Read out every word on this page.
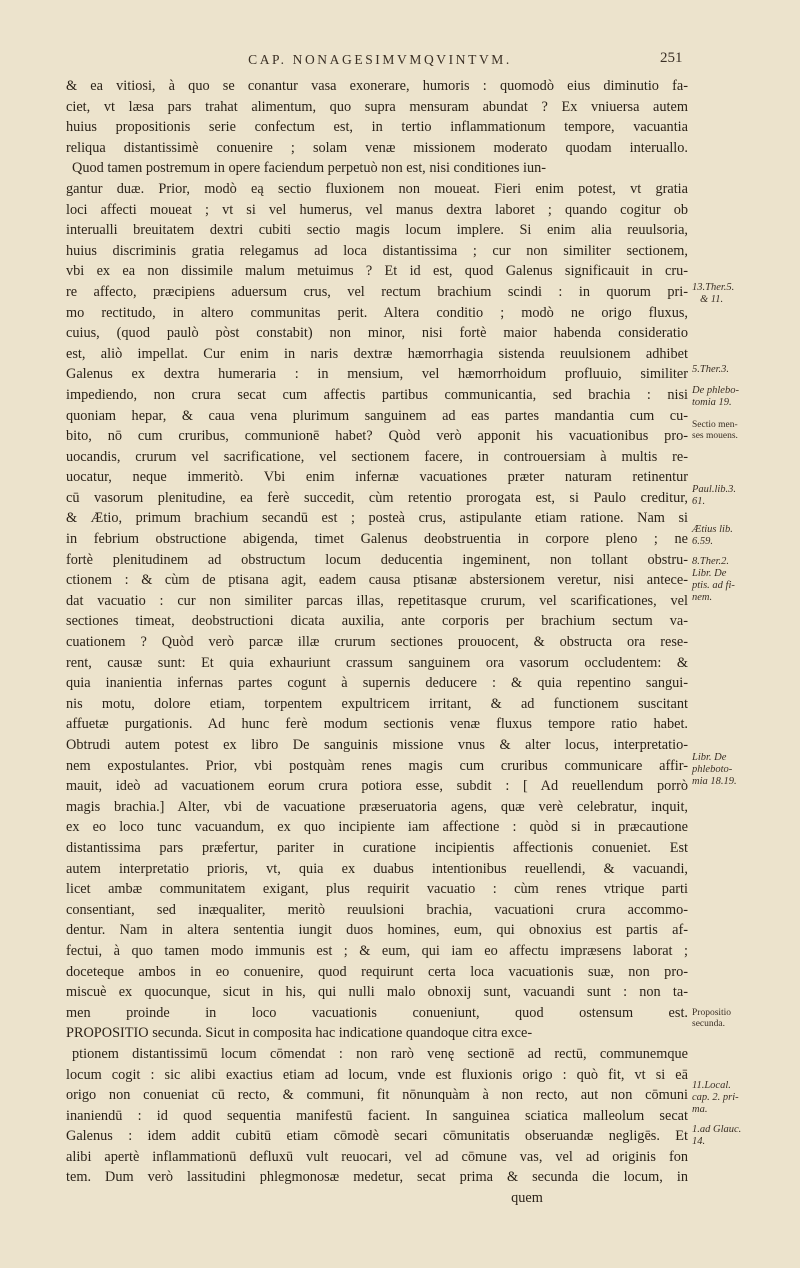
CAP. NONAGESIMVMQVINTVM.	251
& ea vitiosi, à quo se conantur vasa exonerare, humoris : quomodò eius diminutio fa-
ciet, vt læsa pars trahat alimentum, quo supra mensuram abundat ? Ex vniuersa autem
huius propositionis serie confectum est, in tertio inflammationum tempore, vacuantia
reliqua distantissimè conuenire ; solam venæ missionem moderato quodam interuallo.
Quod tamen postremum in opere faciendum perpetuò non est, nisi conditiones iun-
gantur duæ. Prior, modò eą sectio fluxionem non moueat. Fieri enim potest, vt gratia
loci affecti moueat ; vt si vel humerus, vel manus dextra laboret ; quando cogitur ob
interualli breuitatem dextri cubiti sectio magis locum implere. Si enim alia reuulsoria,
huius discriminis gratia relegamus ad loca distantissima ; cur non similiter sectionem,
vbi ex ea non dissimile malum metuimus ? Et id est, quod Galenus significauit in cru-
re affecto, præcipiens aduersum crus, vel rectum brachium scindi : in quorum pri-
mo rectitudo, in altero communitas perit. Altera conditio ; modò ne origo fluxus,
cuius, (quod paulò pòst constabit) non minor, nisi fortè maior habenda consideratio
est, aliò impellat. Cur enim in naris dextræ hæmorrhagia sistenda reuulsionem adhibet
Galenus ex dextra humeraria : in mensium, vel hæmorrhoidum profluuio, similiter
impediendo, non crura secat cum affectis partibus communicantia, sed brachia : nisi
quoniam hepar, & caua vena plurimum sanguinem ad eas partes mandantia cum cu-
bito, nō cum cruribus, communionē habet? Quòd verò apponit his vacuationibus pro-
uocandis, crurum vel sacrificatione, vel sectionem facere, in controuersiam à multis re-
uocatur, neque immeritò. Vbi enim infernæ vacuationes præter naturam retinentur
cū vasorum plenitudine, ea ferè succedit, cùm retentio prorogata est, si Paulo creditur,
& Ætio, primum brachium secandū est ; posteà crus, astipulante etiam ratione. Nam si
in febrium obstructione abigenda, timet Galenus deobstruentia in corpore pleno ; ne
fortè plenitudinem ad obstructum locum deducentia ingeminent, non tollant obstru-
ctionem : & cùm de ptisana agit, eadem causa ptisanæ abstersionem veretur, nisi antece-
dat vacuatio : cur non similiter parcas illas, repetitasque crurum, vel scarificationes, vel
sectiones timeat, deobstructioni dicata auxilia, ante corporis per brachium sectum va-
cuationem ? Quòd verò parcæ illæ crurum sectiones prouocent, & obstructa ora rese-
rent, causæ sunt: Et quia exhauriunt crassum sanguinem ora vasorum occludentem: &
quia inanientia infernas partes cogunt à supernis deducere : & quia repentino sangui-
nis motu, dolore etiam, torpentem expultricem irritant, & ad functionem suscitant
affuetæ purgationis. Ad hunc ferè modum sectionis venæ fluxus tempore ratio habet.
Obtrudi autem potest ex libro De sanguinis missione vnus & alter locus, interpretatio-
nem expostulantes. Prior, vbi postquàm renes magis cum cruribus communicare affir-
mauit, ideò ad vacuationem eorum crura potiora esse, subdit : [ Ad reuellendum porrò
magis brachia.] Alter, vbi de vacuatione præseruatoria agens, quæ verè celebratur, inquit,
ex eo loco tunc vacuandum, ex quo incipiente iam affectione : quòd si in præcautione
distantissima pars præfertur, pariter in curatione incipientis affectionis conueniet. Est
autem interpretatio prioris, vt, quia ex duabus intentionibus reuellendi, & vacuandi,
licet ambæ communitatem exigant, plus requirit vacuatio : cùm renes vtrique parti
consentiant, sed inæqualiter, meritò reuulsioni brachia, vacuationi crura accommo-
dentur. Nam in altera sententia iungit duos homines, eum, qui obnoxius est partis af-
fectui, à quo tamen modo immunis est ; & eum, qui iam eo affectu impræsens laborat ;
doceteque ambos in eo conuenire, quod requirunt certa loca vacuationis suæ, non pro-
miscuè ex quocunque, sicut in his, qui nulli malo obnoxij sunt, vacuandi sunt : non ta-
men proinde in loco vacuationis conueniunt, quod ostensum est.
PROPOSITIO secunda. Sicut in composita hac indicatione quandoque citra exce-
ptionem distantissimū locum cōmendat : non rarò venę sectionē ad rectū, communemque
locum cogit : sic alibi exactius etiam ad locum, vnde est fluxionis origo : quò fit, vt si eā
origo non conueniat cū recto, & communi, fit nōnunquàm à non recto, aut non cōmuni
inaniendū : id quod sequentia manifestū facient. In sanguinea sciatica malleolum secat
Galenus : idem addit cubitū etiam cōmodè secari cōmunitatis obseruandæ negligēs. Et
alibi apertè inflammationū defluxū vult reuocari, vel ad cōmune vas, vel ad originis fon
tem. Dum verò lassitudini phlegmonosæ medetur, secat prima & secunda die locum, in
quem
13.Ther.5.
& 11.
5.Ther.3.
De phlebo-
tomia 19.
Sectio men-
ses mouens.
Paul.lib.3.
61.
Ætius lib.
6.59.
8.Ther.2.
Libr. De
ptis. ad fi-
nem.
Libr. De
phleboto-
mia 18.19.
Propositio
secunda.
11.Local.
cap. 2. pri-
ma.
1.ad Glauc.
14.
